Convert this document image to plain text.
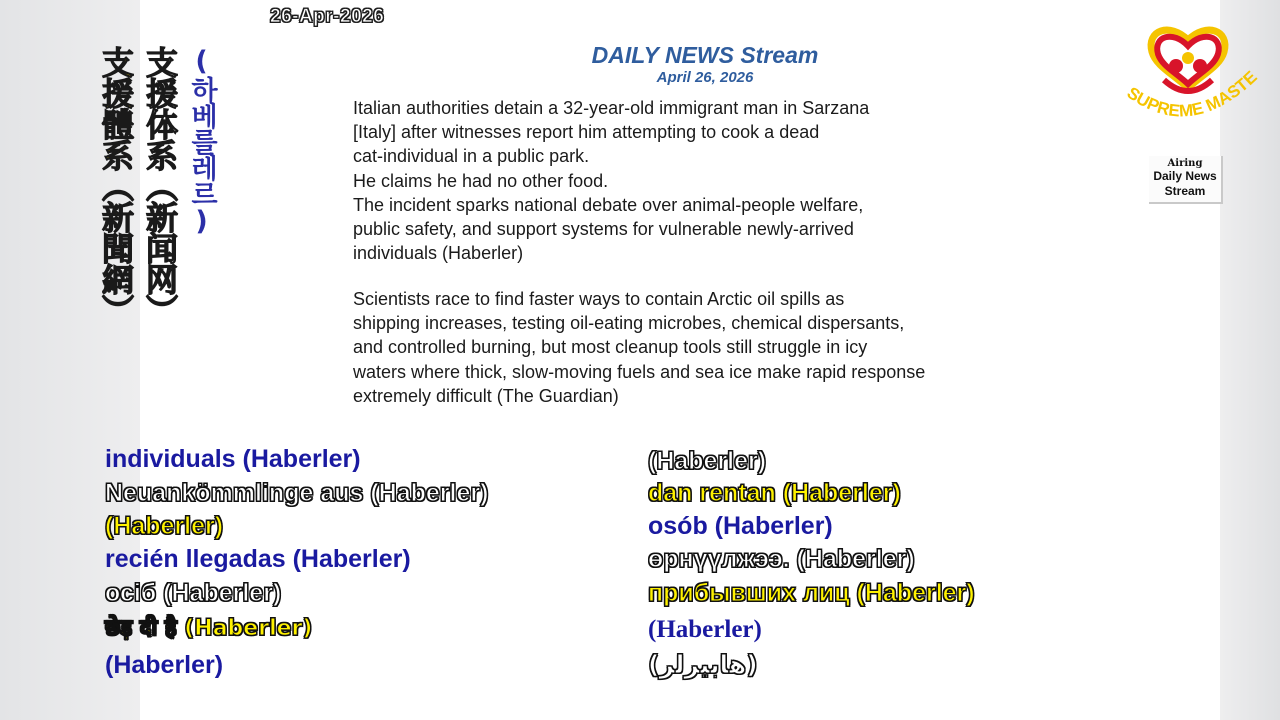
26-Apr-2026
DAILY NEWS Stream
April 26, 2026
Italian authorities detain a 32-year-old immigrant man in Sarzana
[Italy] after witnesses report him attempting to cook a dead
cat-individual in a public park.
He claims he had no other food.
The incident sparks national debate over animal-people welfare,
public safety, and support systems for vulnerable newly-arrived
individuals (Haberler)
Scientists race to find faster ways to contain Arctic oil spills as
shipping increases, testing oil-eating microbes, chemical dispersants,
and controlled burning, but most cleanup tools still struggle in icy
waters where thick, slow-moving fuels and sea ice make rapid response
extremely difficult (The Guardian)
(하베를레르)
支援体系（新闻网）
支援體系（新聞網）	SUPREME MAST
Airing
Daily News Stream
individuals (Haberler)
Neuankömmlinge aus (Haberler)
(Haberler)
recién llegadas (Haberler)
осіб (Haberler)
छेड़ दी है (Haberler)
(Haberler)
(Haberler)
dan rentan (Haberler)
osób (Haberler)
өрнүүлжээ. (Haberler)
прибывших лиц (Haberler)
(Haberler)
(هابيرلر)
